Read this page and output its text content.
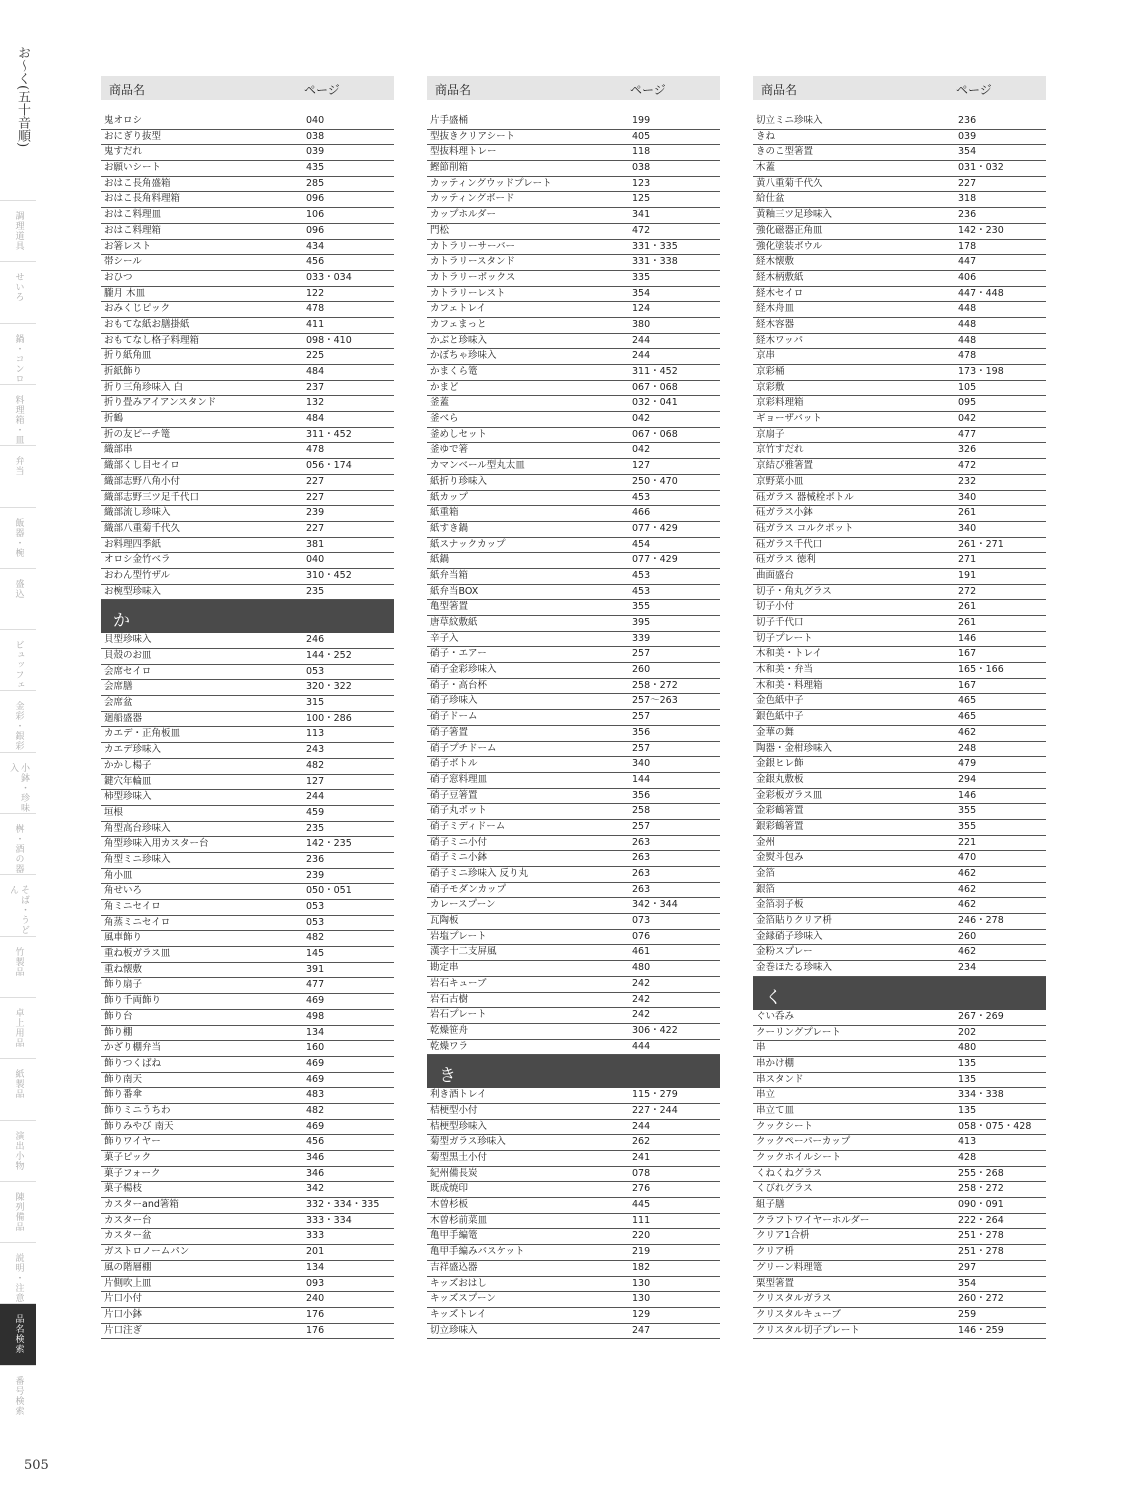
お〜く(五十音順)
調理道具
せいろ
鍋・コンロ
料理箱・皿
弁当
飯器・椀
盛込
ビュッフェ
金彩・銀彩
小鉢・珍味入
桝・酒の器
そば・うどん
竹製品
卓上用品
紙製品
演出小物
陳列備品
説明・注意
品名検索
番号検索
商品名	ページ
鬼オロシ	040
おにぎり抜型	038
鬼すだれ	039
お願いシート	435
おはこ長角盛箱	285
おはこ長角料理箱	096
おはこ料理皿	106
おはこ料理箱	096
お箸レスト	434
帯シール	456
おひつ	033・034
朧月 木皿	122
おみくじピック	478
おもてな紙お膳掛紙	411
おもてなし格子料理箱	098・410
折り紙角皿	225
折紙飾り	484
折り三角珍味入 白	237
折り畳みアイアンスタンド	132
折鶴	484
折の友ピーチ篭	311・452
織部串	478
織部くし目セイロ	056・174
織部志野八角小付	227
織部志野三ツ足千代口	227
織部流し珍味入	239
織部八重菊千代久	227
お料理四季紙	381
オロシ金竹ベラ	040
おわん型竹ザル	310・452
お椀型珍味入	235
か
貝型珍味入	246
貝殻のお皿	144・252
会席セイロ	053
会席膳	320・322
会席盆	315
廻船盛器	100・286
カエデ・正角板皿	113
カエデ珍味入	243
かかし楊子	482
鍵穴年輪皿	127
柿型珍味入	244
垣根	459
角型高台珍味入	235
角型珍味入用カスター台	142・235
角型ミニ珍味入	236
角小皿	239
角せいろ	050・051
角ミニセイロ	053
角蒸ミニセイロ	053
風車飾り	482
重ね板ガラス皿	145
重ね懐敷	391
飾り扇子	477
飾り千両飾り	469
飾り台	498
飾り棚	134
かざり棚弁当	160
飾りつくばね	469
飾り南天	469
飾り番傘	483
飾りミニうちわ	482
飾りみやび 南天	469
飾りワイヤー	456
菓子ピック	346
菓子フォーク	346
菓子楊枝	342
カスターand箸箱	332・334・335
カスター台	333・334
カスター盆	333
ガストロノームパン	201
風の階層棚	134
片側吹上皿	093
片口小付	240
片口小鉢	176
片口注ぎ	176
商品名	ページ
片手盛桶	199
型抜きクリアシート	405
型抜料理トレー	118
鰹節削箱	038
カッティングウッドプレート	123
カッティングボード	125
カップホルダー	341
門松	472
カトラリーサーバー	331・335
カトラリースタンド	331・338
カトラリーボックス	335
カトラリーレスト	354
カフェトレイ	124
カフェまっと	380
かぶと珍味入	244
かぼちゃ珍味入	244
かまくら篭	311・452
かまど	067・068
釜蓋	032・041
釜べら	042
釜めしセット	067・068
釜ゆで箸	042
カマンベール型丸太皿	127
紙折り珍味入	250・470
紙カップ	453
紙重箱	466
紙すき鍋	077・429
紙スナックカップ	454
紙鍋	077・429
紙弁当箱	453
紙弁当BOX	453
亀型箸置	355
唐草紋敷紙	395
辛子入	339
硝子・エアー	257
硝子金彩珍味入	260
硝子・高台杯	258・272
硝子珍味入	257〜263
硝子ドーム	257
硝子箸置	356
硝子プチドーム	257
硝子ボトル	340
硝子窓料理皿	144
硝子豆箸置	356
硝子丸ポット	258
硝子ミディドーム	257
硝子ミニ小付	263
硝子ミニ小鉢	263
硝子ミニ珍味入 反り丸	263
硝子モダンカップ	263
カレースプーン	342・344
瓦陶板	073
岩塩プレート	076
漢字十二支屏風	461
勘定串	480
岩石キューブ	242
岩石古樹	242
岩石プレート	242
乾燥笹舟	306・422
乾燥ワラ	444
き
利き酒トレイ	115・279
桔梗型小付	227・244
桔梗型珍味入	244
菊型ガラス珍味入	262
菊型黒土小付	241
紀州備長炭	078
既成焼印	276
木曽杉板	445
木曽杉前菜皿	111
亀甲手編篭	220
亀甲手編みバスケット	219
吉祥盛込器	182
キッズおはし	130
キッズスプーン	130
キッズトレイ	129
切立珍味入	247
商品名	ページ
切立ミニ珍味入	236
きね	039
きのこ型箸置	354
木蓋	031・032
黄八重菊千代久	227
給仕盆	318
黄釉三ツ足珍味入	236
強化磁器正角皿	142・230
強化塗装ボウル	178
経木懐敷	447
経木柄敷紙	406
経木セイロ	447・448
経木舟皿	448
経木容器	448
経木ワッパ	448
京串	478
京彩桶	173・198
京彩敷	105
京彩料理箱	095
ギョーザバット	042
京扇子	477
京竹すだれ	326
京結び雅箸置	472
京野菜小皿	232
砡ガラス 器械栓ボトル	340
砡ガラス小鉢	261
砡ガラス コルクポット	340
砡ガラス千代口	261・271
砡ガラス 徳利	271
曲面盛台	191
切子・角丸グラス	272
切子小付	261
切子千代口	261
切子プレート	146
木和美・トレイ	167
木和美・弁当	165・166
木和美・料理箱	167
金色紙中子	465
銀色紙中子	465
金華の舞	462
陶器・金柑珍味入	248
金銀ヒレ飾	479
金銀丸敷板	294
金彩板ガラス皿	146
金彩鶴箸置	355
銀彩鶴箸置	355
金州	221
金熨斗包み	470
金箔	462
銀箔	462
金箔羽子板	462
金箔貼りクリア枡	246・278
金縁硝子珍味入	260
金粉スプレー	462
金巻ほたる珍味入	234
く
ぐい呑み	267・269
クーリングプレート	202
串	480
串かけ棚	135
串スタンド	135
串立	334・338
串立て皿	135
クックシート	058・075・428
クックペーパーカップ	413
クックホイルシート	428
くねくねグラス	255・268
くびれグラス	258・272
組子膳	090・091
クラフトワイヤーホルダー	222・264
クリア1合枡	251・278
クリア枡	251・278
グリーン料理篭	297
栗型箸置	354
クリスタルガラス	260・272
クリスタルキューブ	259
クリスタル切子プレート	146・259
505
